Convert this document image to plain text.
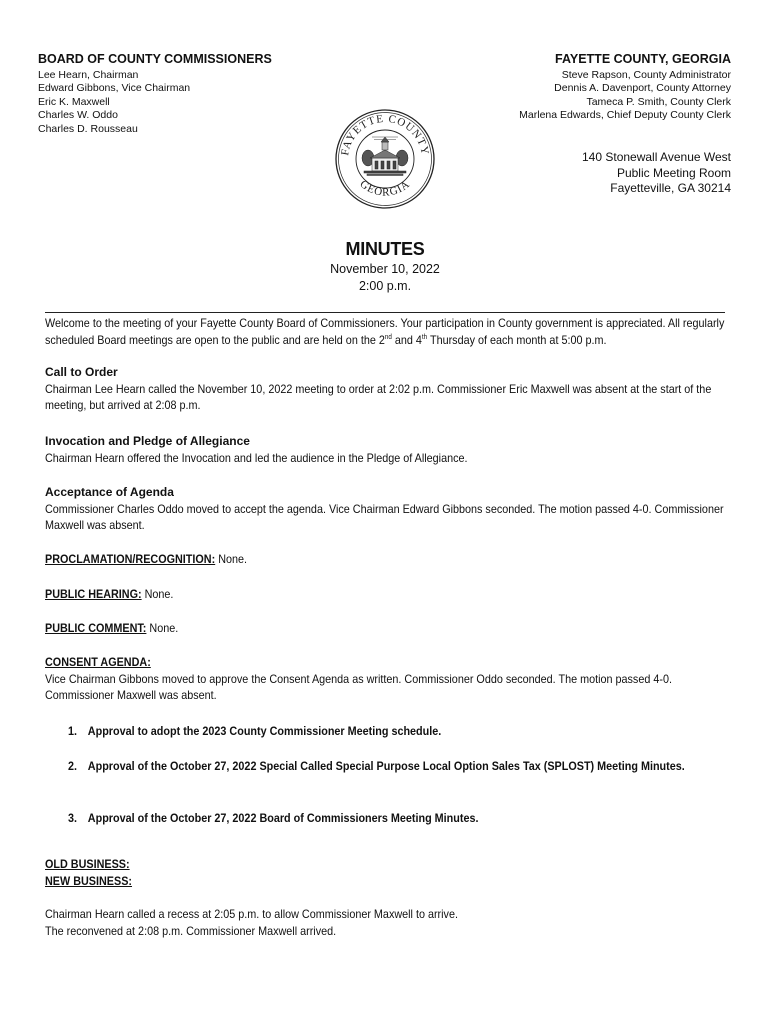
BOARD OF COUNTY COMMISSIONERS
Lee Hearn, Chairman
Edward Gibbons, Vice Chairman
Eric K. Maxwell
Charles W. Oddo
Charles D. Rousseau
FAYETTE COUNTY, GEORGIA
Steve Rapson, County Administrator
Dennis A. Davenport, County Attorney
Tameca P. Smith, County Clerk
Marlena Edwards, Chief Deputy County Clerk
140 Stonewall Avenue West
Public Meeting Room
Fayetteville, GA 30214
FAYETTE COUNTY
GEORGIA
MINUTES
November 10, 2022
2:00 p.m.
Welcome to the meeting of your Fayette County Board of Commissioners. Your participation in County government is appreciated. All regularly scheduled Board meetings are open to the public and are held on the 2nd and 4th Thursday of each month at 5:00 p.m.
Call to Order
Chairman Lee Hearn called the November 10, 2022 meeting to order at 2:02 p.m. Commissioner Eric Maxwell was absent at the start of the meeting, but arrived at 2:08 p.m.
Invocation and Pledge of Allegiance
Chairman Hearn offered the Invocation and led the audience in the Pledge of Allegiance.
Acceptance of Agenda
Commissioner Charles Oddo moved to accept the agenda. Vice Chairman Edward Gibbons seconded. The motion passed 4-0. Commissioner Maxwell was absent.
PROCLAMATION/RECOGNITION: None.
PUBLIC HEARING: None.
PUBLIC COMMENT: None.
CONSENT AGENDA:
Vice Chairman Gibbons moved to approve the Consent Agenda as written. Commissioner Oddo seconded. The motion passed 4-0. Commissioner Maxwell was absent.
1. Approval to adopt the 2023 County Commissioner Meeting schedule.
2. Approval of the October 27, 2022 Special Called Special Purpose Local Option Sales Tax (SPLOST) Meeting Minutes.
3. Approval of the October 27, 2022 Board of Commissioners Meeting Minutes.
OLD BUSINESS:
NEW BUSINESS:
Chairman Hearn called a recess at 2:05 p.m. to allow Commissioner Maxwell to arrive.
The reconvened at 2:08 p.m. Commissioner Maxwell arrived.
